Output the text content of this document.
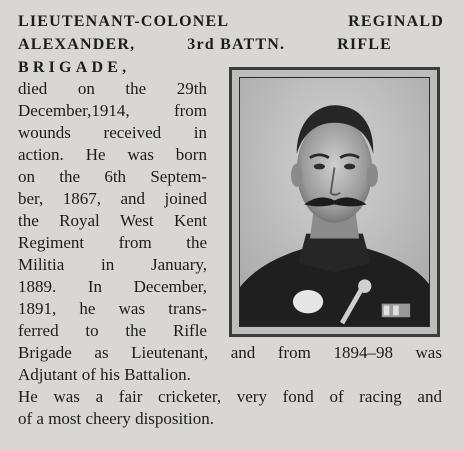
LIEUTENANT-COLONEL	REGINALD
ALEXANDER,	3rd BATTN.	RIFLE
BRIGADE,
died on the 29th
December,1914,	from
wounds received in
action. He was born
on the 6th Septem-
ber, 1867, and joined
the Royal West Kent
Regiment from the
Militia in January,
1889. In December,
1891, he was trans-
ferred to the Rifle
Brigade as Lieutenant, and from 1894–98 was
Adjutant of his Battalion.
He was a fair cricketer, very fond of racing and
of a most cheery disposition.
